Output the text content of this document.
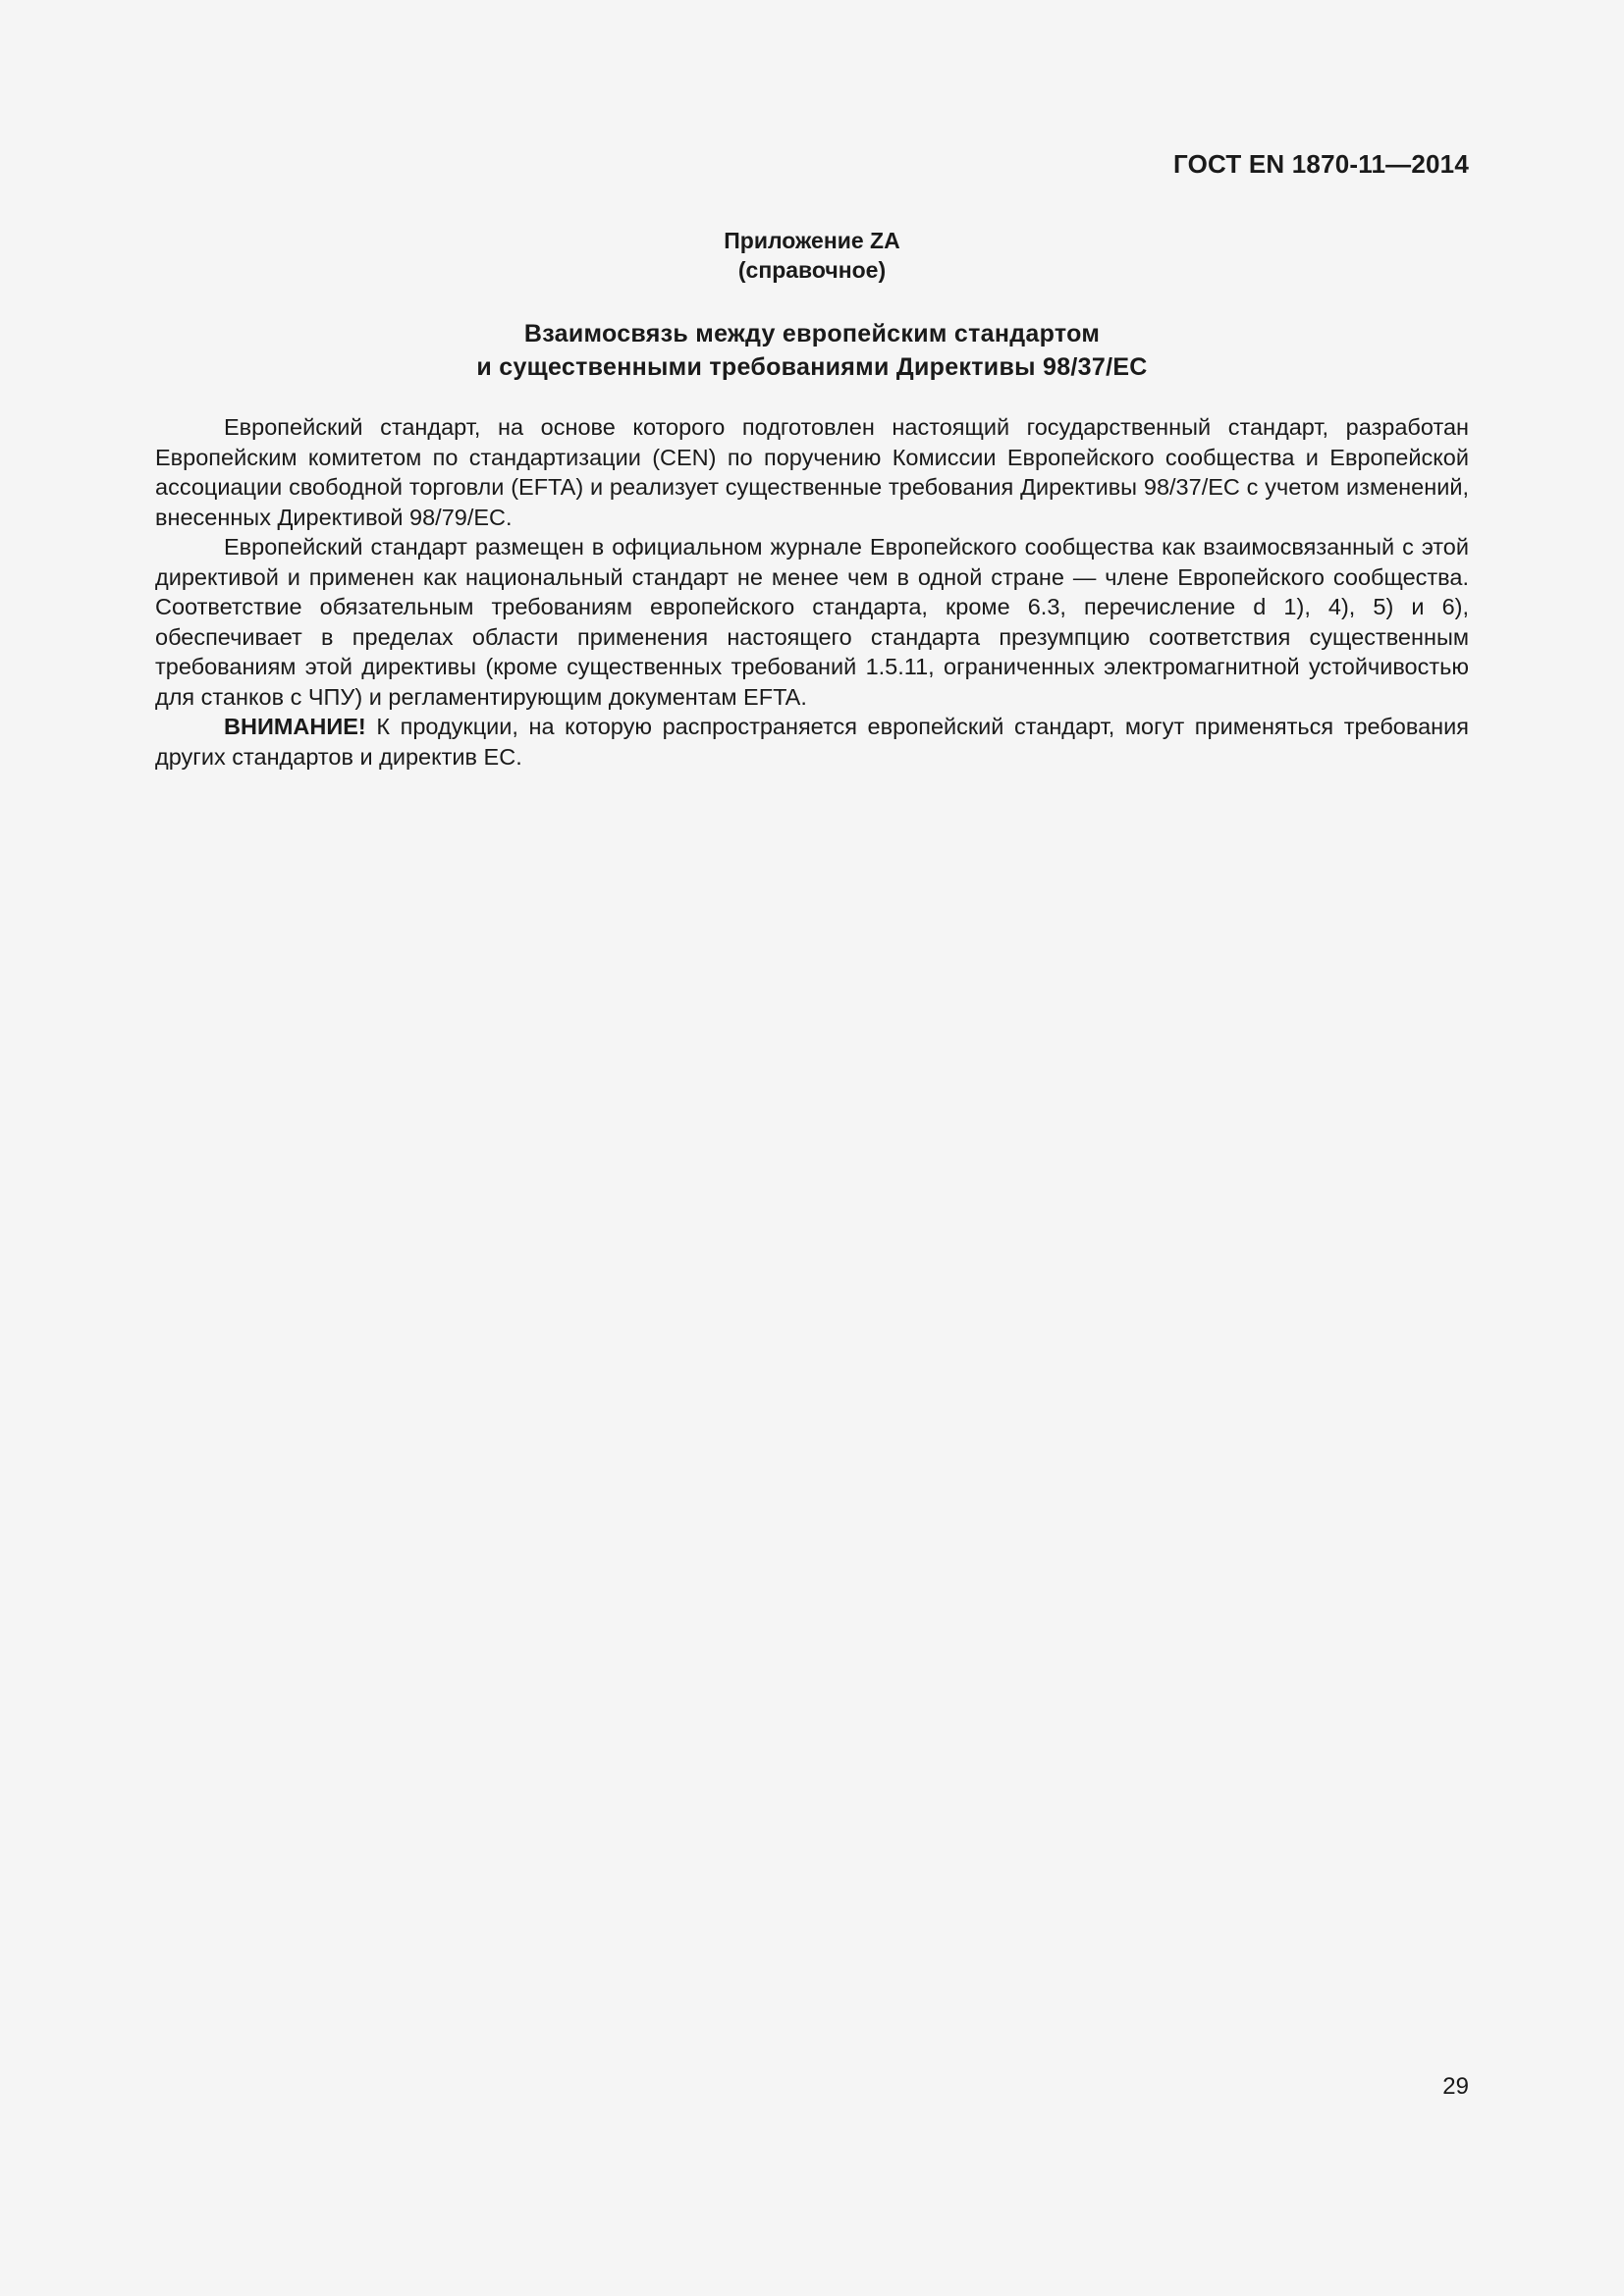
ГОСТ EN 1870-11—2014
Приложение ZA
(справочное)
Взаимосвязь между европейским стандартом
и существенными требованиями Директивы 98/37/ЕС

Европейский стандарт, на основе которого подготовлен настоящий государственный стандарт, разработан Европейским комитетом по стандартизации (CEN) по поручению Комиссии Европейского сообщества и Европейской ассоциации свободной торговли (EFTA) и реализует существенные требования Директивы 98/37/ЕС с учетом изменений, внесенных Директивой 98/79/ЕС.

Европейский стандарт размещен в официальном журнале Европейского сообщества как взаимосвязанный с этой директивой и применен как национальный стандарт не менее чем в одной стране — члене Европейского сообщества. Соответствие обязательным требованиям европейского стандарта, кроме 6.3, перечисление d 1), 4), 5) и 6), обеспечивает в пределах области применения настоящего стандарта презумпцию соответствия существенным требованиям этой директивы (кроме существенных требований 1.5.11, ограниченных электромагнитной устойчивостью для станков с ЧПУ) и регламентирующим документам EFTA.

ВНИМАНИЕ! К продукции, на которую распространяется европейский стандарт, могут применяться требования других стандартов и директив ЕС.

29
